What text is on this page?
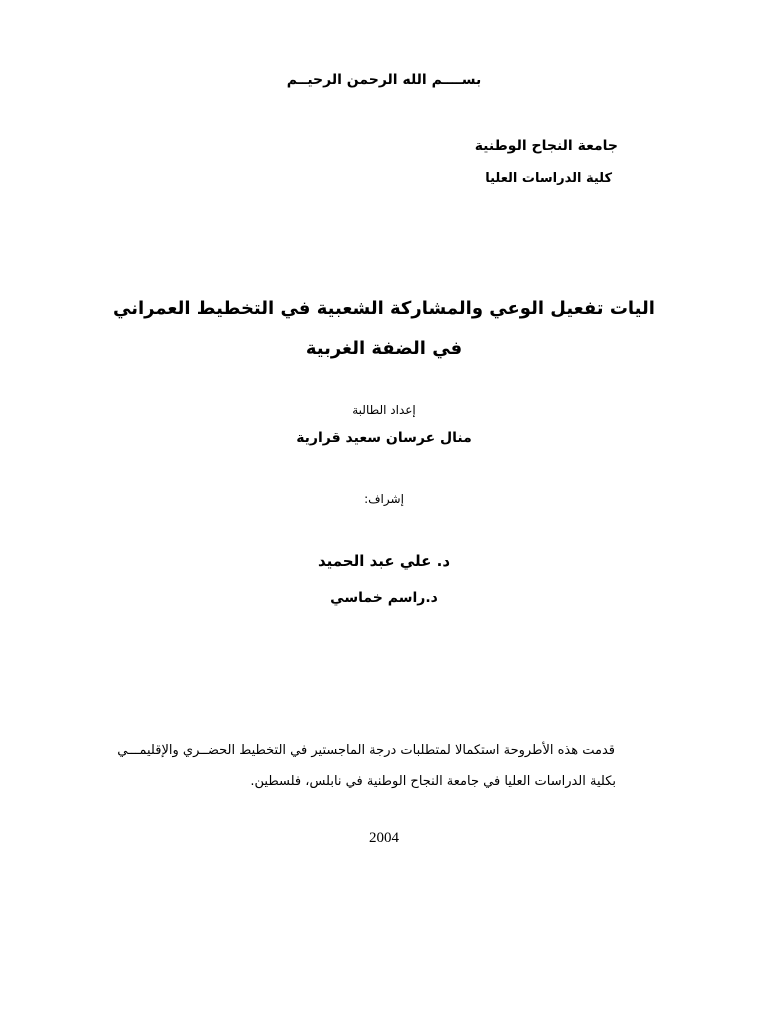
بســــم الله الرحمن الرحيــم
جامعة النجاح الوطنية
كلية الدراسات العليا
اليات تفعيل الوعي والمشاركة الشعبية في التخطيط العمراني
في الضفة الغربية
إعداد الطالبة
منال عرسان سعيد قرارية
إشراف:
د. علي عبد الحميد
د.راسم خماسي
قدمت هذه الأطروحة استكمالا لمتطلبات درجة الماجستير في التخطيط الحضــري والإقليمـــي
بكلية الدراسات العليا في جامعة النجاح الوطنية في نابلس، فلسطين.
2004
